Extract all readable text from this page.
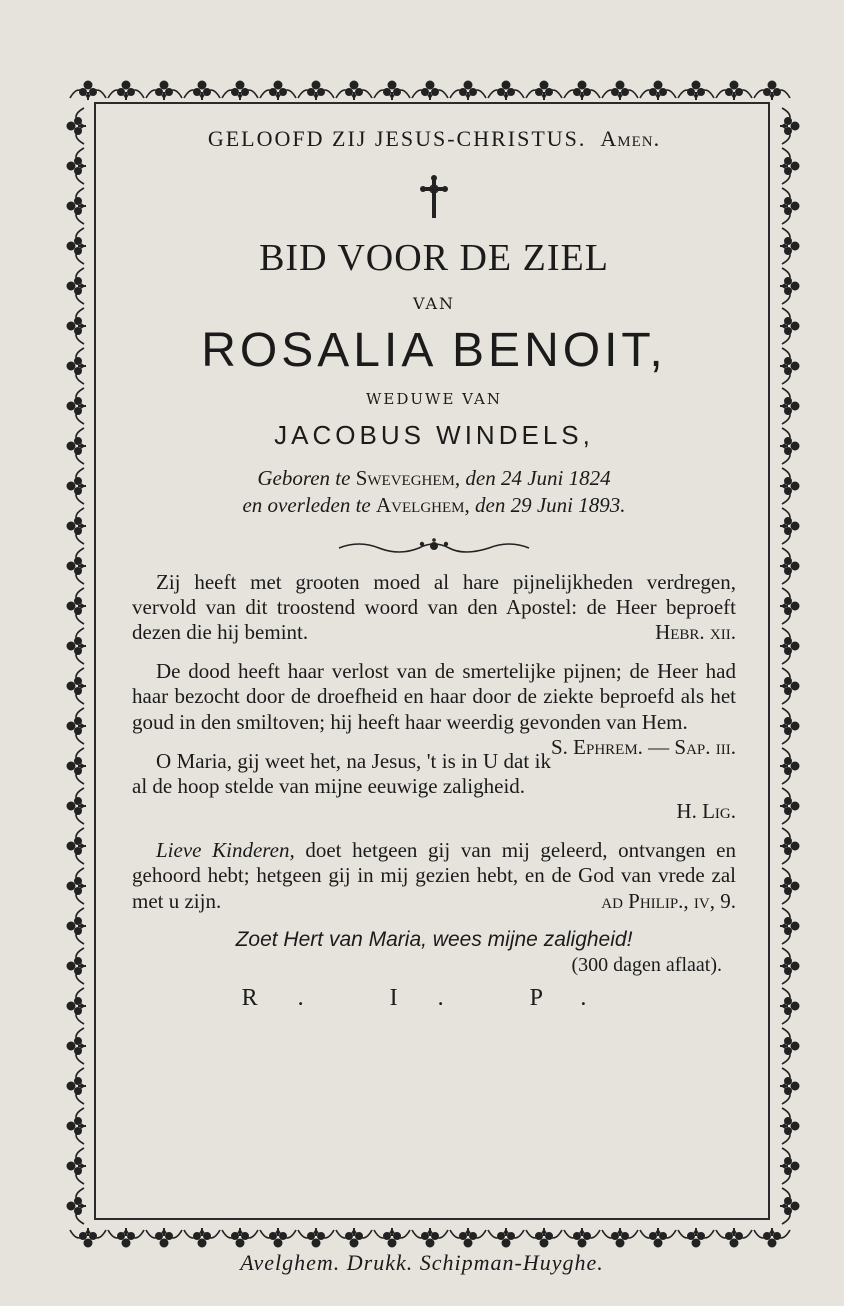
GELOOFD ZIJ JESUS-CHRISTUS. Amen.
BID VOOR DE ZIEL
VAN
ROSALIA BENOIT,
WEDUWE VAN
JACOBUS WINDELS,
Geboren te Sweveghem, den 24 Juni 1824
en overleden te Avelghem, den 29 Juni 1893.
Zij heeft met grooten moed al hare pijnelijkheden verdregen, vervold van dit troostend woord van den Apostel: de Heer beproeft dezen die hij bemint.	Hebr. xii.
De dood heeft haar verlost van de smertelijke pijnen; de Heer had haar bezocht door de droefheid en haar door de ziekte beproefd als het goud in den smiltoven; hij heeft haar weerdig gevonden van Hem.
S. Ephrem. — Sap. iii.
O Maria, gij weet het, na Jesus, 't is in U dat ik al de hoop stelde van mijne eeuwige zaligheid.
H. Lig.
Lieve Kinderen, doet hetgeen gij van mij geleerd, ontvangen en gehoord hebt; hetgeen gij in mij gezien hebt, en de God van vrede zal met u zijn.	ad Philip., iv, 9.
Zoet Hert van Maria, wees mijne zaligheid!
(300 dagen aflaat).
R. I. P.
Avelghem. Drukk. Schipman-Huyghe.
